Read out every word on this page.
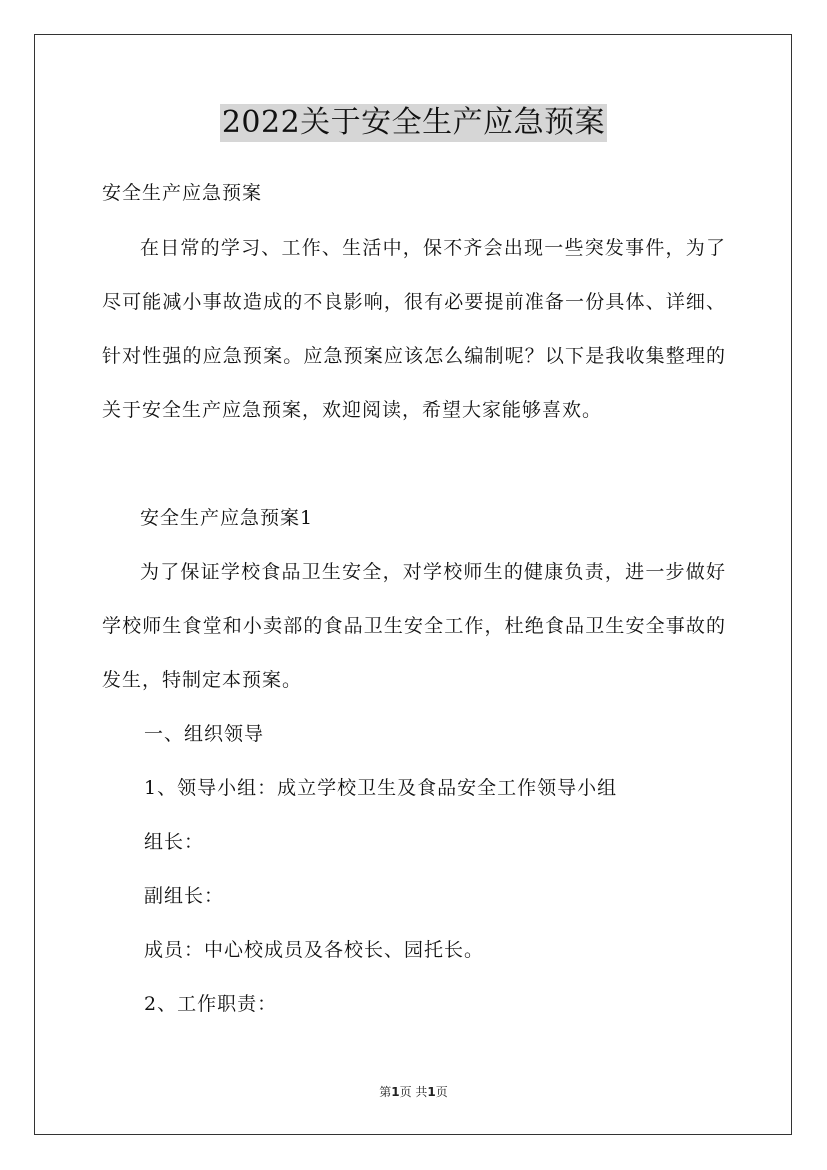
2022关于安全生产应急预案

安全生产应急预案

在日常的学习、工作、生活中，保不齐会出现一些突发事件，为了尽可能减小事故造成的不良影响，很有必要提前准备一份具体、详细、针对性强的应急预案。应急预案应该怎么编制呢？以下是我收集整理的关于安全生产应急预案，欢迎阅读，希望大家能够喜欢。

安全生产应急预案1

为了保证学校食品卫生安全，对学校师生的健康负责，进一步做好学校师生食堂和小卖部的食品卫生安全工作，杜绝食品卫生安全事故的发生，特制定本预案。

一、组织领导

1、领导小组：成立学校卫生及食品安全工作领导小组

组长：

副组长：

成员：中心校成员及各校长、园托长。

2、工作职责：

第1页 共1页
